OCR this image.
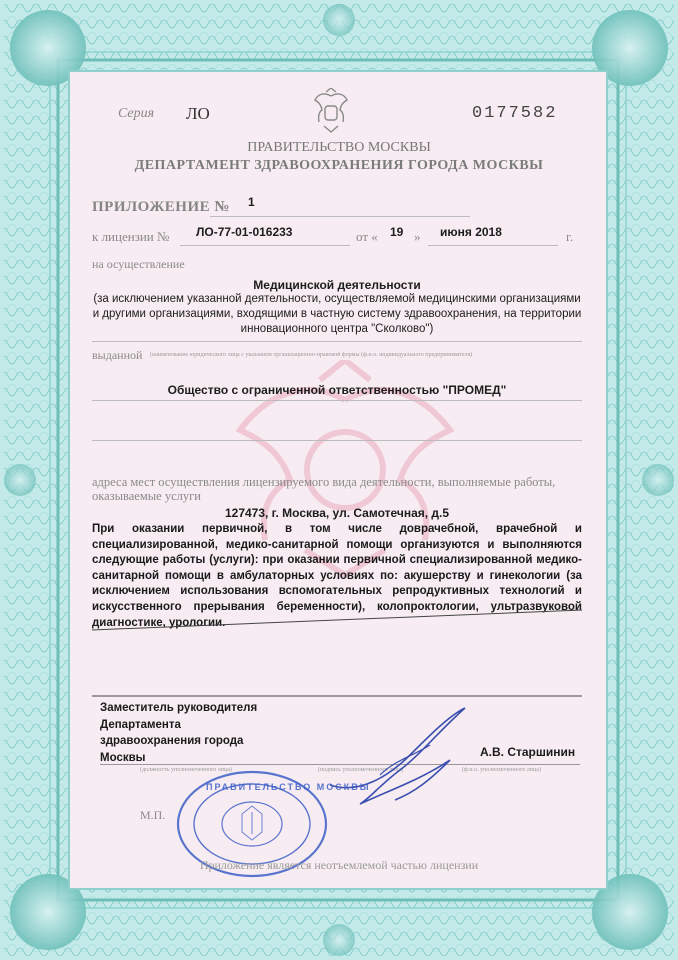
Серия ЛО	0177582
ПРАВИТЕЛЬСТВО МОСКВЫ
ДЕПАРТАМЕНТ ЗДРАВООХРАНЕНИЯ ГОРОДА МОСКВЫ
ПРИЛОЖЕНИЕ № 1
к лицензии № ЛО-77-01-016233	от « 19 » июня 2018	г.
на осуществление
Медицинской деятельности
(за исключением указанной деятельности, осуществляемой медицинскими организациями и другими организациями, входящими в частную систему здравоохранения, на территории инновационного центра "Сколково")
выданной (наименование юридического лица с указанием организационно-правовой формы (ф.и.о. индивидуального предпринимателя)
Общество с ограниченной ответственностью "ПРОМЕД"
адреса мест осуществления лицензируемого вида деятельности, выполняемые работы,
оказываемые услуги
127473, г. Москва, ул. Самотечная, д.5
При оказании первичной, в том числе доврачебной, врачебной и специализированной, медико-санитарной помощи организуются и выполняются следующие работы (услуги): при оказании первичной специализированной медико-санитарной помощи в амбулаторных условиях по: акушерству и гинекологии (за исключением использования вспомогательных репродуктивных технологий и искусственного прерывания беременности), колопроктологии, ультразвуковой диагностике, урологии.
Заместитель руководителя
Департамента
здравоохранения города
Москвы	А.В. Старшинин
(должность уполномоченного лица)	(подпись уполномоченного лица)	(ф.и.о. уполномоченного лица)
М.П.
ПРАВИТЕЛЬСТВО МОСКВЫ
Приложение является неотъемлемой частью лицензии
